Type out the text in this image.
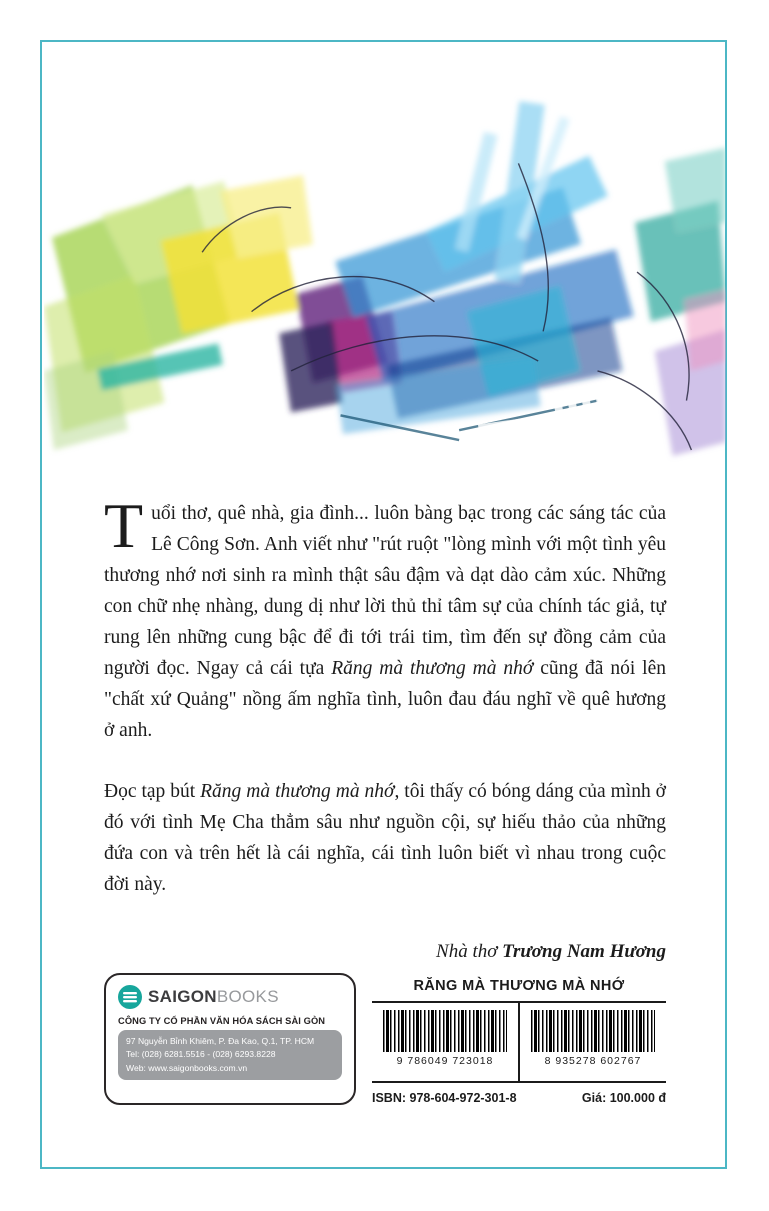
Tuổi thơ, quê nhà, gia đình... luôn bàng bạc trong các sáng tác của Lê Công Sơn. Anh viết như "rút ruột "lòng mình với một tình yêu thương nhớ nơi sinh ra mình thật sâu đậm và dạt dào cảm xúc. Những con chữ nhẹ nhàng, dung dị như lời thủ thỉ tâm sự của chính tác giả, tự rung lên những cung bậc để đi tới trái tim, tìm đến sự đồng cảm của người đọc. Ngay cả cái tựa Răng mà thương mà nhớ cũng đã nói lên "chất xứ Quảng" nồng ấm nghĩa tình, luôn đau đáu nghĩ về quê hương ở anh.

Đọc tạp bút Răng mà thương mà nhớ, tôi thấy có bóng dáng của mình ở đó với tình Mẹ Cha thẳm sâu như nguồn cội, sự hiếu thảo của những đứa con và trên hết là cái nghĩa, cái tình luôn biết vì nhau trong cuộc đời này.

Nhà thơ Trương Nam Hương
SAIGONBOOKS
CÔNG TY CỔ PHẦN VĂN HÓA SÁCH SÀI GÒN
97 Nguyễn Bỉnh Khiêm, P. Đa Kao, Q.1, TP. HCM
Tel: (028) 6281.5516 - (028) 6293.8228
Web: www.saigonbooks.com.vn
RĂNG MÀ THƯƠNG MÀ NHỚ
9 786049 723018	8 935278 602767
ISBN: 978-604-972-301-8	Giá: 100.000 đ
